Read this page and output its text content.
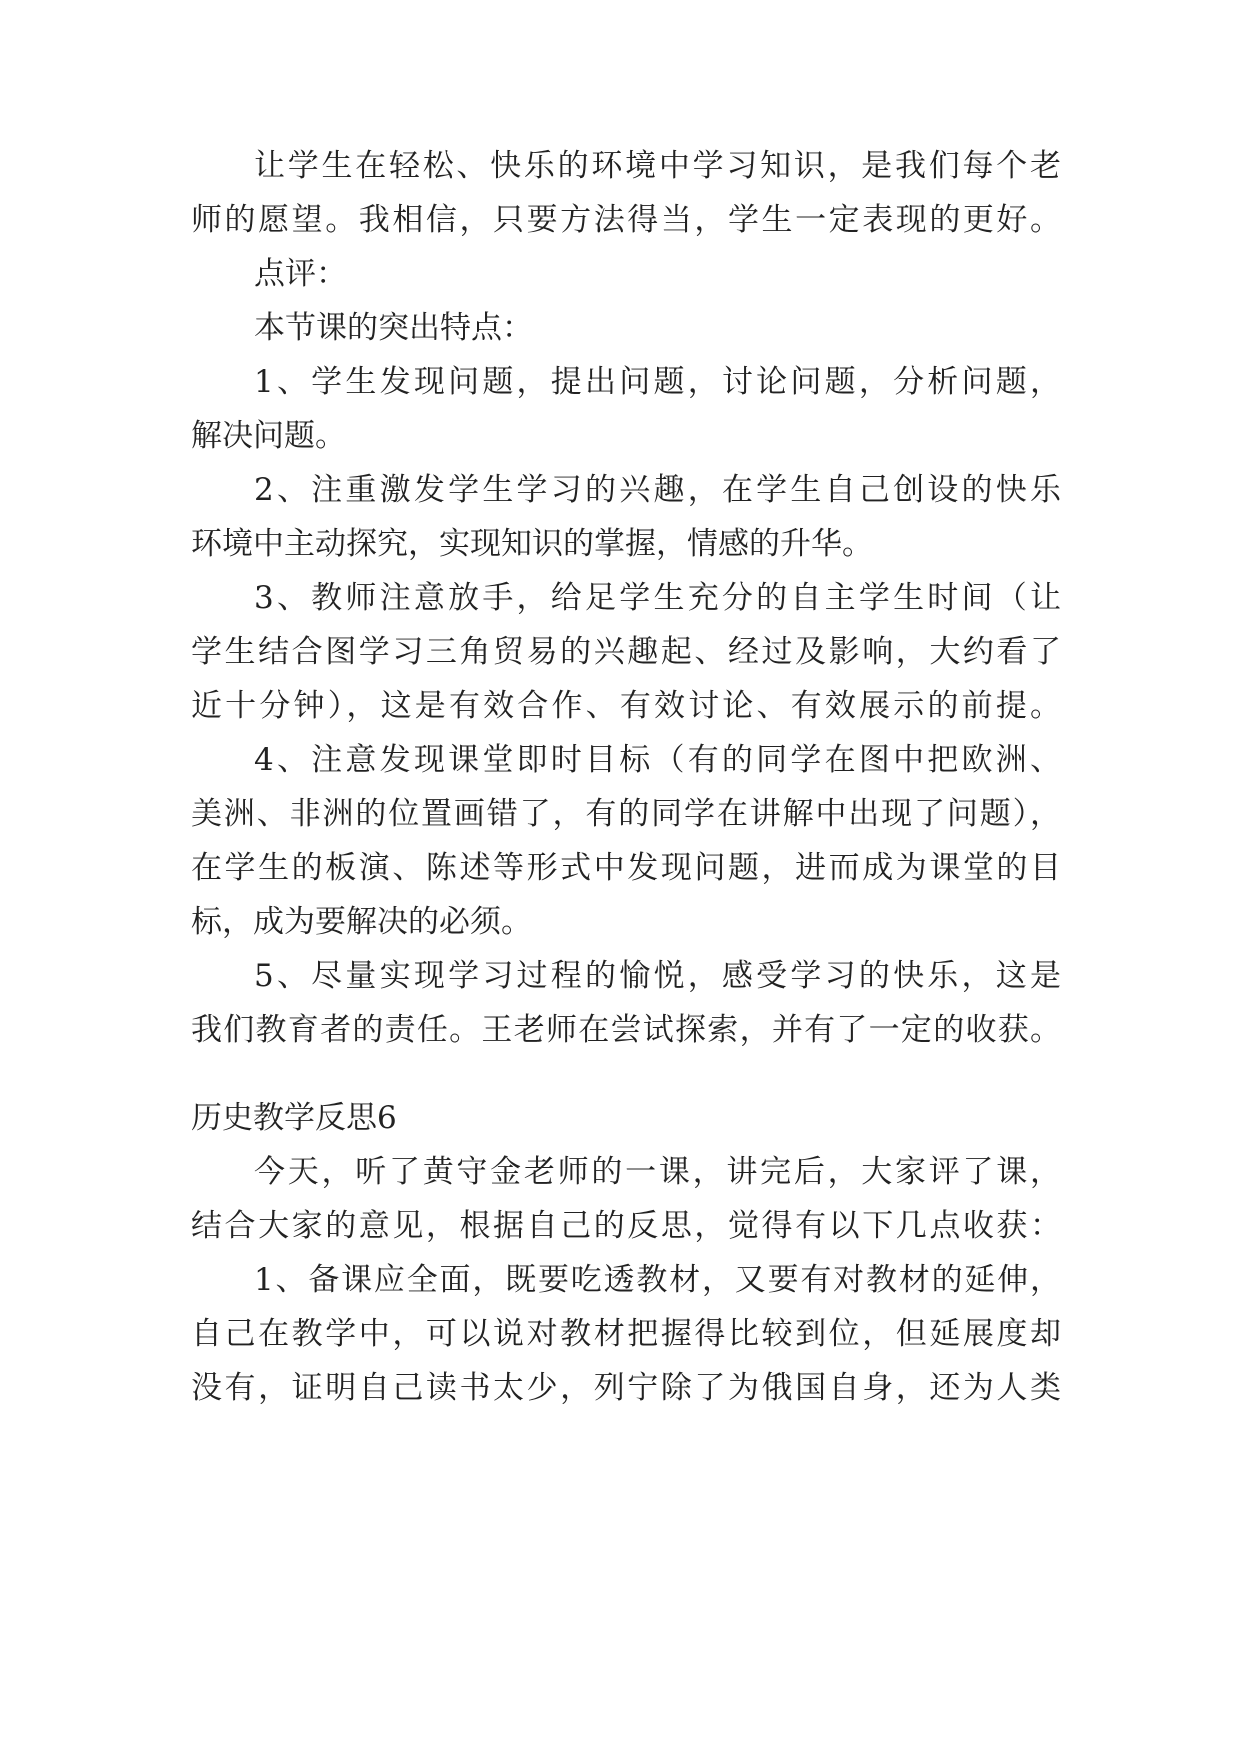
让学生在轻松、快乐的环境中学习知识，是我们每个老
师的愿望。我相信，只要方法得当，学生一定表现的更好。
点评：
本节课的突出特点：
1、学生发现问题，提出问题，讨论问题，分析问题，
解决问题。
2、注重激发学生学习的兴趣，在学生自己创设的快乐
环境中主动探究，实现知识的掌握，情感的升华。
3、教师注意放手，给足学生充分的自主学生时间（让
学生结合图学习三角贸易的兴趣起、经过及影响，大约看了
近十分钟），这是有效合作、有效讨论、有效展示的前提。
4、注意发现课堂即时目标（有的同学在图中把欧洲、
美洲、非洲的位置画错了，有的同学在讲解中出现了问题），
在学生的板演、陈述等形式中发现问题，进而成为课堂的目
标，成为要解决的必须。
5、尽量实现学习过程的愉悦，感受学习的快乐，这是
我们教育者的责任。王老师在尝试探索，并有了一定的收获。
历史教学反思6
今天，听了黄守金老师的一课，讲完后，大家评了课，
结合大家的意见，根据自己的反思，觉得有以下几点收获：
1、备课应全面，既要吃透教材，又要有对教材的延伸，
自己在教学中，可以说对教材把握得比较到位，但延展度却
没有，证明自己读书太少，列宁除了为俄国自身，还为人类
